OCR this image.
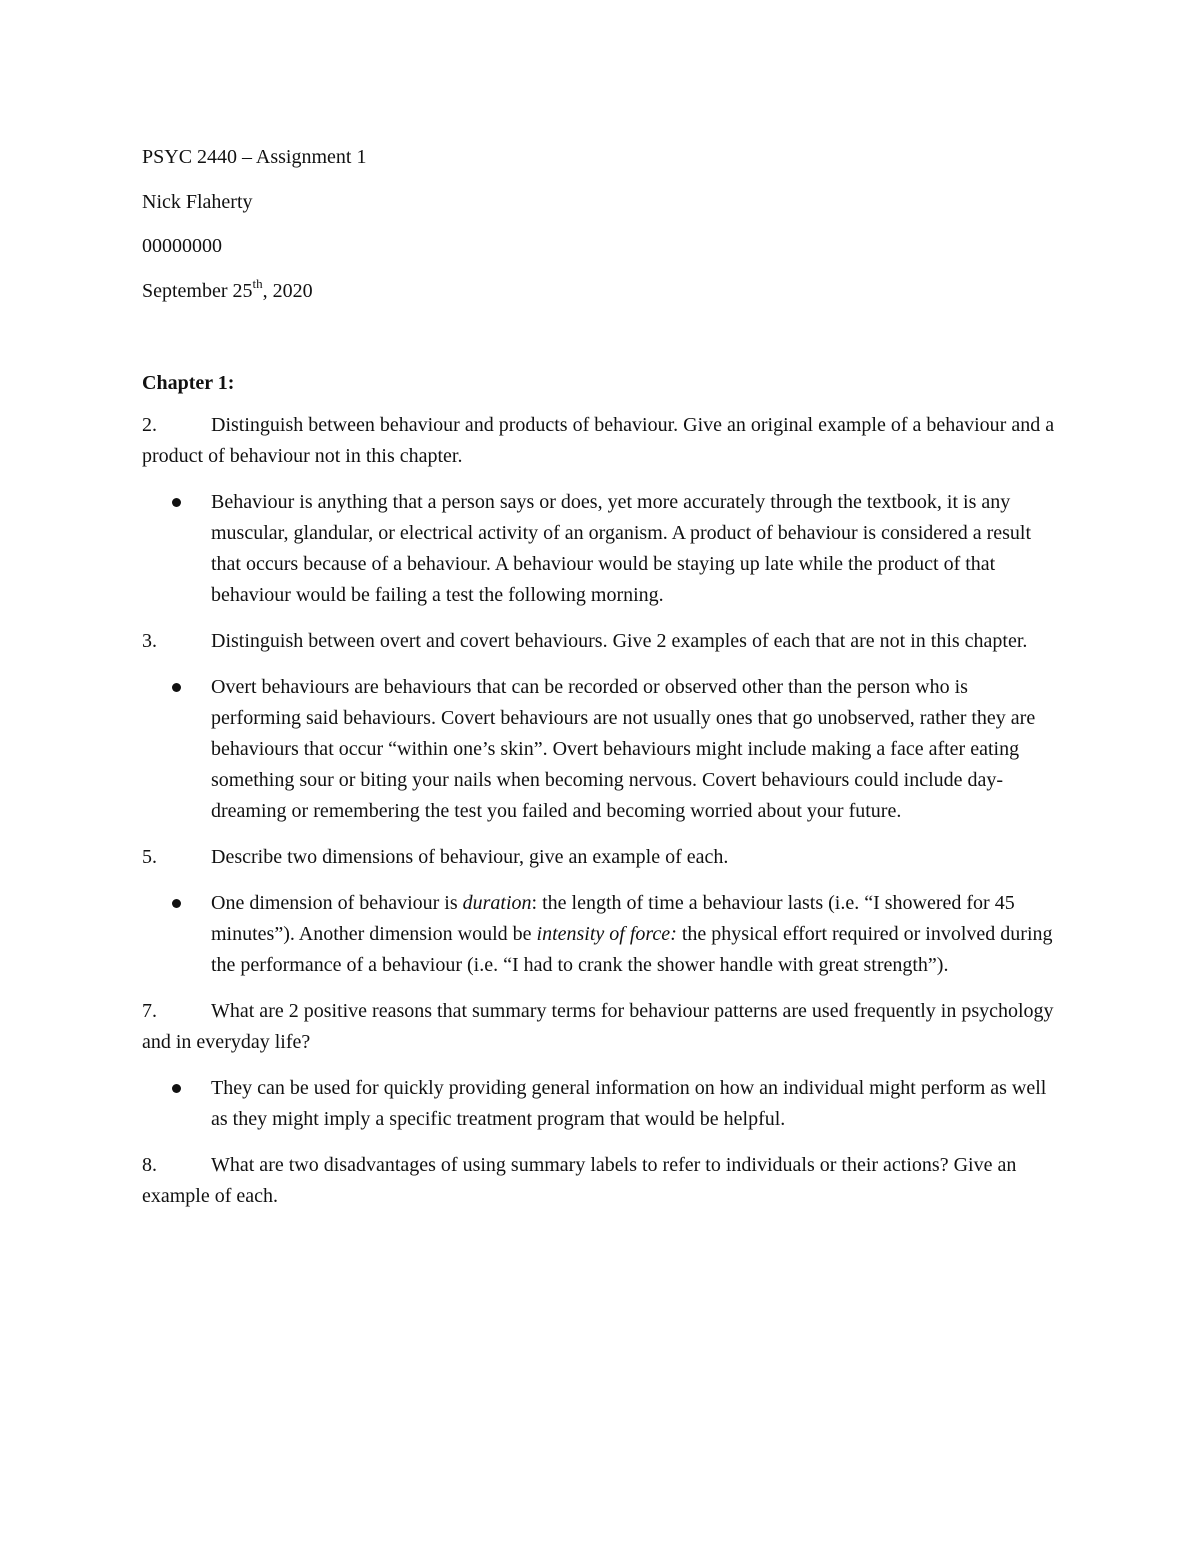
PSYC 2440 – Assignment 1
Nick Flaherty
00000000
September 25th, 2020
Chapter 1:

2.	Distinguish between behaviour and products of behaviour. Give an original example of a behaviour and a product of behaviour not in this chapter.

Behaviour is anything that a person says or does, yet more accurately through the textbook, it is any muscular, glandular, or electrical activity of an organism. A product of behaviour is considered a result that occurs because of a behaviour. A behaviour would be staying up late while the product of that behaviour would be failing a test the following morning.

3.	Distinguish between overt and covert behaviours. Give 2 examples of each that are not in this chapter.

Overt behaviours are behaviours that can be recorded or observed other than the person who is performing said behaviours. Covert behaviours are not usually ones that go unobserved, rather they are behaviours that occur “within one’s skin”. Overt behaviours might include making a face after eating something sour or biting your nails when becoming nervous. Covert behaviours could include day-dreaming or remembering the test you failed and becoming worried about your future.

5.	Describe two dimensions of behaviour, give an example of each.

One dimension of behaviour is duration: the length of time a behaviour lasts (i.e. “I showered for 45 minutes”). Another dimension would be intensity of force: the physical effort required or involved during the performance of a behaviour (i.e. “I had to crank the shower handle with great strength”).

7.	What are 2 positive reasons that summary terms for behaviour patterns are used frequently in psychology and in everyday life?

They can be used for quickly providing general information on how an individual might perform as well as they might imply a specific treatment program that would be helpful.

8.	What are two disadvantages of using summary labels to refer to individuals or their actions? Give an example of each.
